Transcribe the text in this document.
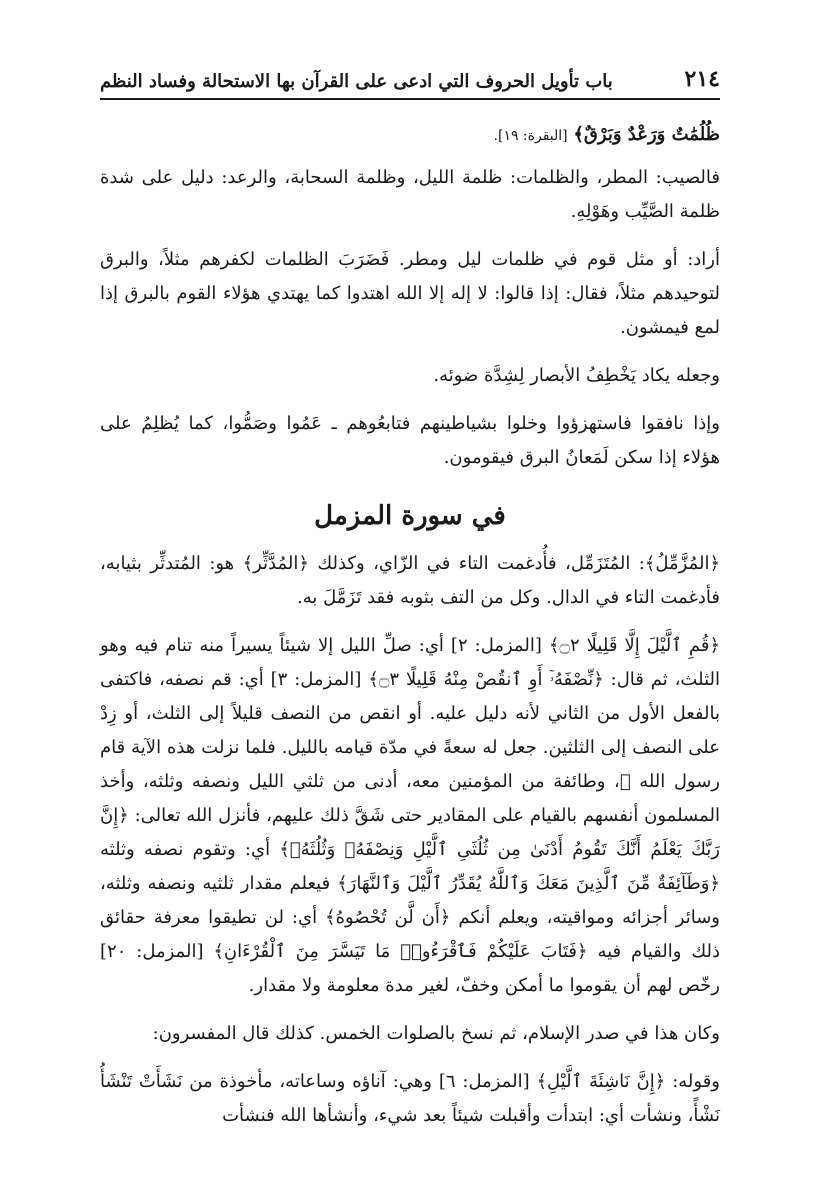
٢١٤
باب تأويل الحروف التي ادعى على القرآن بها الاستحالة وفساد النظم

ظُلُمَٰتٌ وَرَعْدٌ وَبَرْقٌ﴾ [البقرة: ١٩].

فالصيب: المطر، والظلمات: ظلمة الليل، وظلمة السحابة، والرعد: دليل على شدة ظلمة الصَّيِّب وهَوْلِهِ.

أراد: أو مثل قوم في ظلمات ليل ومطر. فَضَرَبَ الظلمات لكفرهم مثلاً، والبرق لتوحيدهم مثلاً، فقال: إذا قالوا: لا إله إلا الله اهتدوا كما يهتدي هؤلاء القوم بالبرق إذا لمع فيمشون.

وجعله يكاد يَخْطِفُ الأبصار لِشِدَّة ضوئه.

وإذا نافقوا فاستهزؤوا وخلوا بشياطينهم فتابعُوهم ـ عَمُوا وصَمُّوا، كما يُظلِمُ على هؤلاء إذا سكن لَمَعانُ البرق فيقومون.

في سورة المزمل

﴿المُزَّمِّلُ﴾: المُتَزَمِّل، فأُدغمت التاء في الزّاي، وكذلك ﴿المُدَّثِّر﴾ هو: المُتدثِّر بثيابه، فأدغمت التاء في الدال. وكل من التف بثوبه فقد تَزَمَّلَ به.

﴿قُمِ ٱلَّيْلَ إِلَّا قَلِيلًا ۝٢﴾ [المزمل: ٢] أي: صلِّ الليل إلا شيئاً يسيراً منه تنام فيه وهو الثلث، ثم قال: ﴿نِّصْفَهُۥٓ أَوِ ٱنقُصْ مِنْهُ قَلِيلًا ۝٣﴾ [المزمل: ٣] أي: قم نصفه، فاكتفى بالفعل الأول من الثاني لأنه دليل عليه. أو انقص من النصف قليلاً إلى الثلث، أو زِدْ على النصف إلى الثلثين. جعل له سعةً في مدّة قيامه بالليل. فلما نزلت هذه الآية قام رسول الله ﷺ، وطائفة من المؤمنين معه، أدنى من ثلثي الليل ونصفه وثلثه، وأخذ المسلمون أنفسهم بالقيام على المقادير حتى شَقَّ ذلك عليهم، فأنزل الله تعالى: ﴿إِنَّ رَبَّكَ يَعْلَمُ أَنَّكَ تَقُومُ أَدْنَىٰ مِن ثُلُثَىِ ٱلَّيْلِ وَنِصْفَهُۥ وَثُلُثَهُۥ﴾ أي: وتقوم نصفه وثلثه ﴿وَطَآئِفَةٌ مِّنَ ٱلَّذِينَ مَعَكَ وَٱللَّهُ يُقَدِّرُ ٱلَّيْلَ وَٱلنَّهَارَ﴾ فيعلم مقدار ثلثيه ونصفه وثلثه، وسائر أجزائه ومواقيته، ويعلم أنكم ﴿أَن لَّن تُحْصُوهُ﴾ أي: لن تطيقوا معرفة حقائق ذلك والقيام فيه ﴿فَتَابَ عَلَيْكُمْ فَٱقْرَءُوا۟ مَا تَيَسَّرَ مِنَ ٱلْقُرْءَانِ﴾ [المزمل: ٢٠] رخّص لهم أن يقوموا ما أمكن وخفّ، لغير مدة معلومة ولا مقدار.

وكان هذا في صدر الإسلام، ثم نسخ بالصلوات الخمس. كذلك قال المفسرون:

وقوله: ﴿إِنَّ نَاشِئَةَ ٱلَّيْلِ﴾ [المزمل: ٦] وهي: آناؤه وساعاته، مأخوذة من نَشَأَتْ تَنْشَأُ نَشْأً، ونشأت أي: ابتدأت وأقبلت شيئاً بعد شيء، وأنشأها الله فنشأت
